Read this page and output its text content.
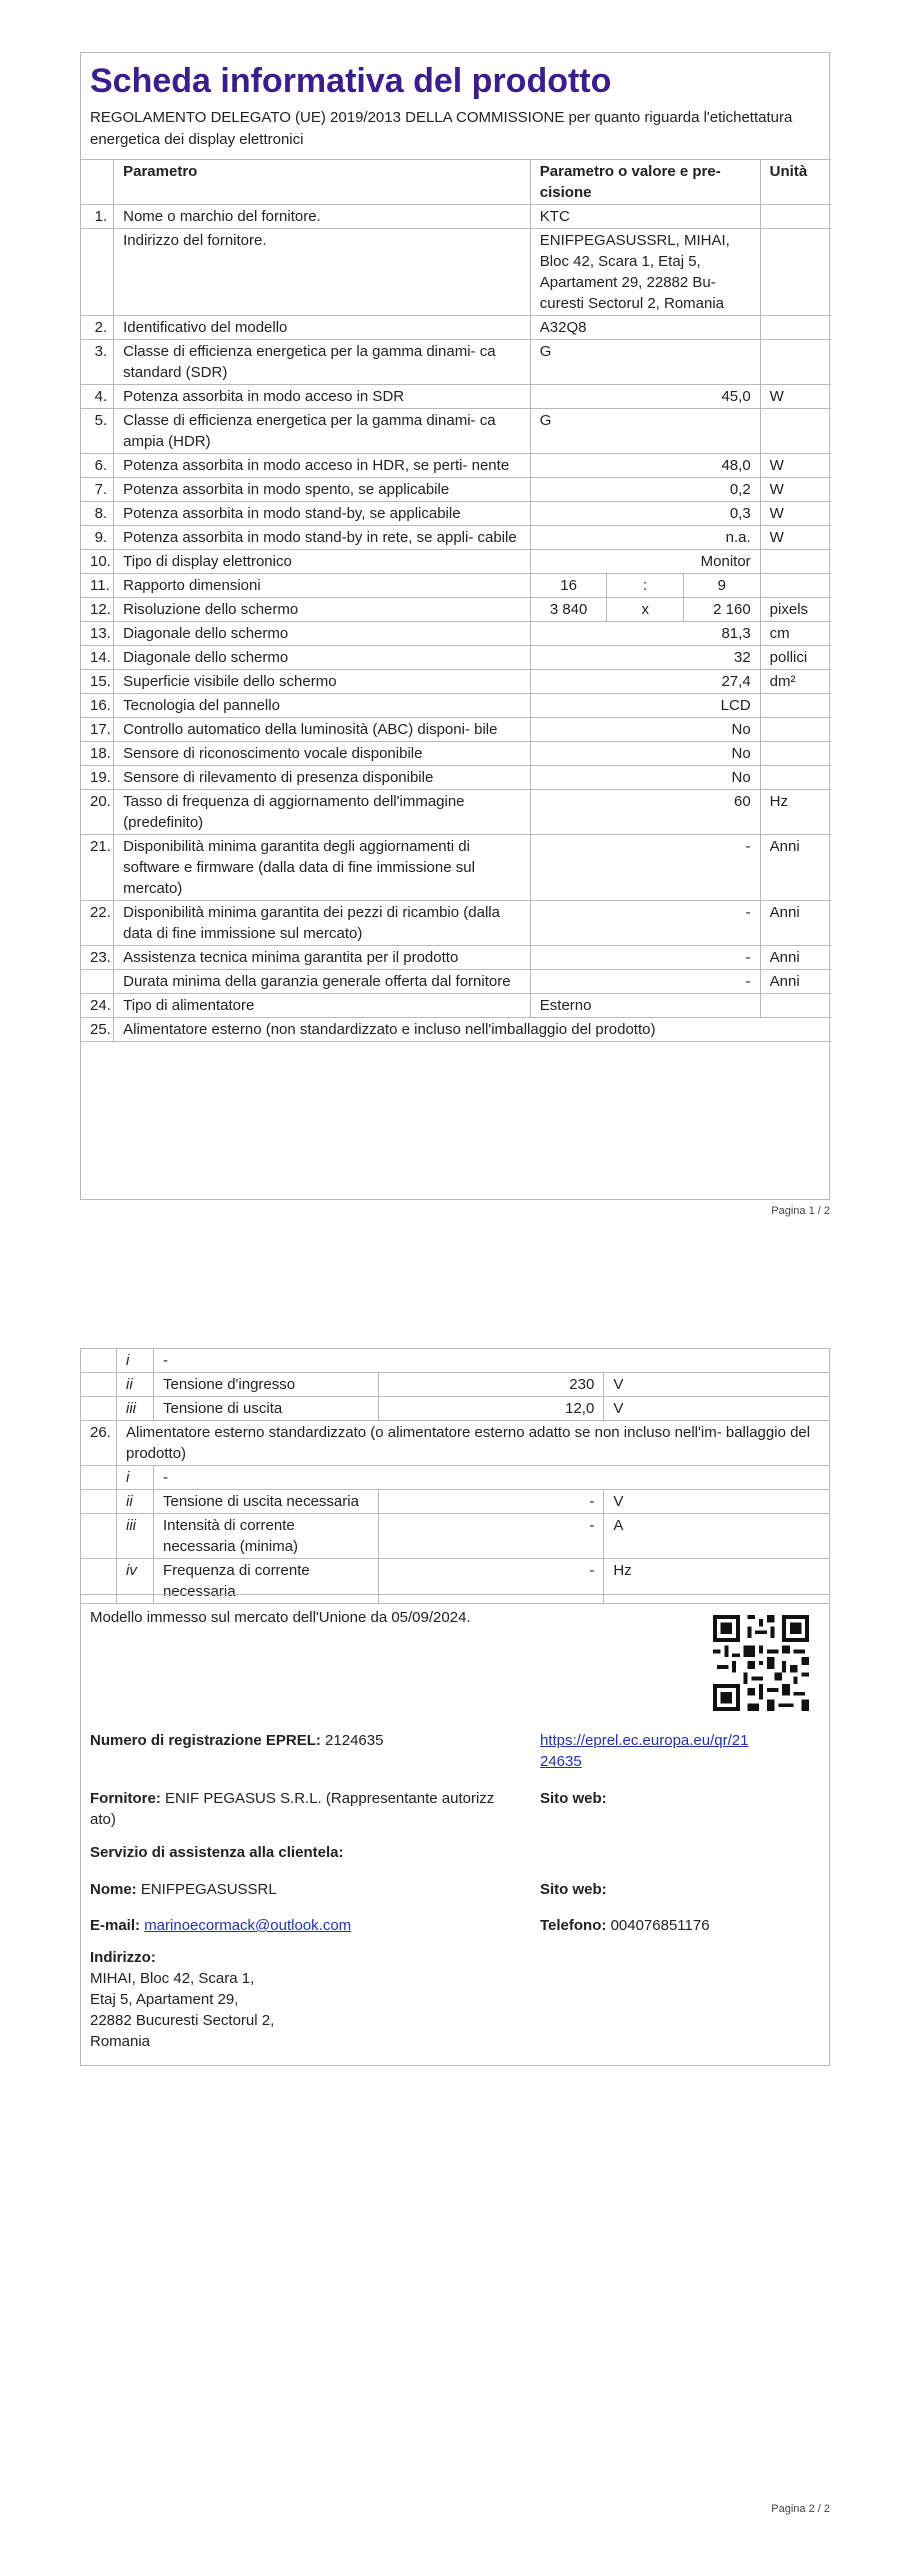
Scheda informativa del prodotto
REGOLAMENTO DELEGATO (UE) 2019/2013 DELLA COMMISSIONE per quanto riguarda l'etichettatura energetica dei display elettronici
	Parametro	Parametro o valore e pre- cisione			Unità
1.	Nome o marchio del fornitore.	KTC			
	Indirizzo del fornitore.	ENIFPEGASUSSRL, MIHAI, Bloc 42, Scara 1, Etaj 5, Apartament 29, 22882 Bu- curesti Sectorul 2, Romania			
2.	Identificativo del modello	A32Q8			
3.	Classe di efficienza energetica per la gamma dinami- ca standard (SDR)	G			
4.	Potenza assorbita in modo acceso in SDR	45,0			W
5.	Classe di efficienza energetica per la gamma dinami- ca ampia (HDR)	G			
6.	Potenza assorbita in modo acceso in HDR, se perti- nente	48,0			W
7.	Potenza assorbita in modo spento, se applicabile	0,2			W
8.	Potenza assorbita in modo stand-by, se applicabile	0,3			W
9.	Potenza assorbita in modo stand-by in rete, se appli- cabile	n.a.			W
10.	Tipo di display elettronico	Monitor			
11.	Rapporto dimensioni	16	:	9	
12.	Risoluzione dello schermo	3 840	x	2 160	pixels
13.	Diagonale dello schermo	81,3			cm
14.	Diagonale dello schermo	32			pollici
15.	Superficie visibile dello schermo	27,4			dm²
16.	Tecnologia del pannello	LCD			
17.	Controllo automatico della luminosità (ABC) disponi- bile	No			
18.	Sensore di riconoscimento vocale disponibile	No			
19.	Sensore di rilevamento di presenza disponibile	No			
20.	Tasso di frequenza di aggiornamento dell'immagine (predefinito)	60			Hz
21.	Disponibilità minima garantita degli aggiornamenti di software e firmware (dalla data di fine immissione sul mercato)	-			Anni
22.	Disponibilità minima garantita dei pezzi di ricambio (dalla data di fine immissione sul mercato)	-			Anni
23.	Assistenza tecnica minima garantita per il prodotto	-			Anni
	Durata minima della garanzia generale offerta dal fornitore	-			Anni
24.	Tipo di alimentatore	Esterno			
25.	Alimentatore esterno (non standardizzato e incluso nell'imballaggio del prodotto)				
Pagina 1 / 2
	i	-		
	ii	Tensione d'ingresso	230	V
	iii	Tensione di uscita	12,0	V
26.	Alimentatore esterno standardizzato (o alimentatore esterno adatto se non incluso nell'im- ballaggio del prodotto)			
	i	-		
	ii	Tensione di uscita necessaria	-	V
	iii	Intensità di corrente necessaria (minima)	-	A
	iv	Frequenza di corrente necessaria	-	Hz
Modello immesso sul mercato dell'Unione da 05/09/2024.
Numero di registrazione EPREL: 2124635	https://eprel.ec.europa.eu/qr/21
24635
Fornitore: ENIF PEGASUS S.R.L. (Rappresentante autorizz
ato)
Sito web:
Servizio di assistenza alla clientela:
Nome: ENIFPEGASUSSRL	Sito web:
E-mail: marinoecormack@outlook.com	Telefono: 004076851176
Indirizzo:
MIHAI, Bloc 42, Scara 1,
Etaj 5, Apartament 29,
22882 Bucuresti Sectorul 2,
Romania
Pagina 2 / 2
